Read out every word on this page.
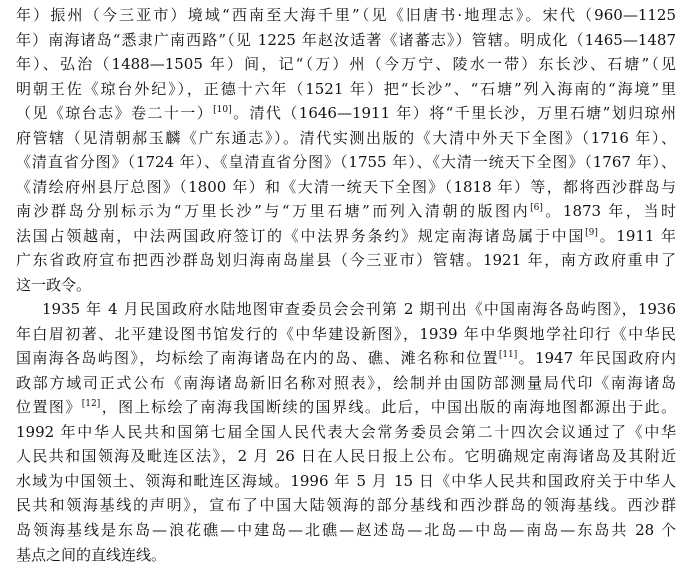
年）振州（今三亚市）境域“西南至大海千里”（见《旧唐书·地理志》。宋代（960—1125
年）南海诸岛“悉隶广南西路”（见 1225 年赵汝适著《诸蕃志》）管辖。明成化（1465—1487
年）、弘治（1488—1505 年）间，记“（万）州（今万宁、陵水一带）东长沙、石塘”（见
明朝王佐《琼台外纪》），正德十六年（1521 年）把“长沙”、“石塘”列入海南的“海境”里
（见《琼台志》卷二十一）[10]。清代（1646—1911 年）将“千里长沙，万里石塘”划归琼州
府管辖（见清朝郝玉麟《广东通志》）。清代实测出版的《大清中外天下全图》（1716 年）、
《清直省分图》（1724 年）、《皇清直省分图》（1755 年）、《大清一统天下全图》（1767 年）、
《清绘府州县厅总图》（1800 年）和《大清一统天下全图》（1818 年）等，都将西沙群岛与
南沙群岛分别标示为“万里长沙”与“万里石塘”而列入清朝的版图内[6]。1873 年，当时
法国占领越南，中法两国政府签订的《中法界务条约》规定南海诸岛属于中国[9]。1911 年
广东省政府宣布把西沙群岛划归海南岛崖县（今三亚市）管辖。1921 年，南方政府重申了
这一政令。
1935 年 4 月民国政府水陆地图审查委员会会刊第 2 期刊出《中国南海各岛屿图》，1936
年白眉初著、北平建设图书馆发行的《中华建设新图》，1939 年中华舆地学社印行《中华民
国南海各岛屿图》，均标绘了南海诸岛在内的岛、礁、滩名称和位置[11]。1947 年民国政府内
政部方域司正式公布《南海诸岛新旧名称对照表》，绘制并由国防部测量局代印《南海诸岛
位置图》[12]，图上标绘了南海我国断续的国界线。此后，中国出版的南海地图都源出于此。
1992 年中华人民共和国第七届全国人民代表大会常务委员会第二十四次会议通过了《中华
人民共和国领海及毗连区法》，2 月 26 日在人民日报上公布。它明确规定南海诸岛及其附近
水域为中国领土、领海和毗连区海域。1996 年 5 月 15 日《中华人民共和国政府关于中华人
民共和领海基线的声明》，宣布了中国大陆领海的部分基线和西沙群岛的领海基线。西沙群
岛领海基线是东岛—浪花礁—中建岛—北礁—赵述岛—北岛—中岛—南岛—东岛共 28 个
基点之间的直线连线。
